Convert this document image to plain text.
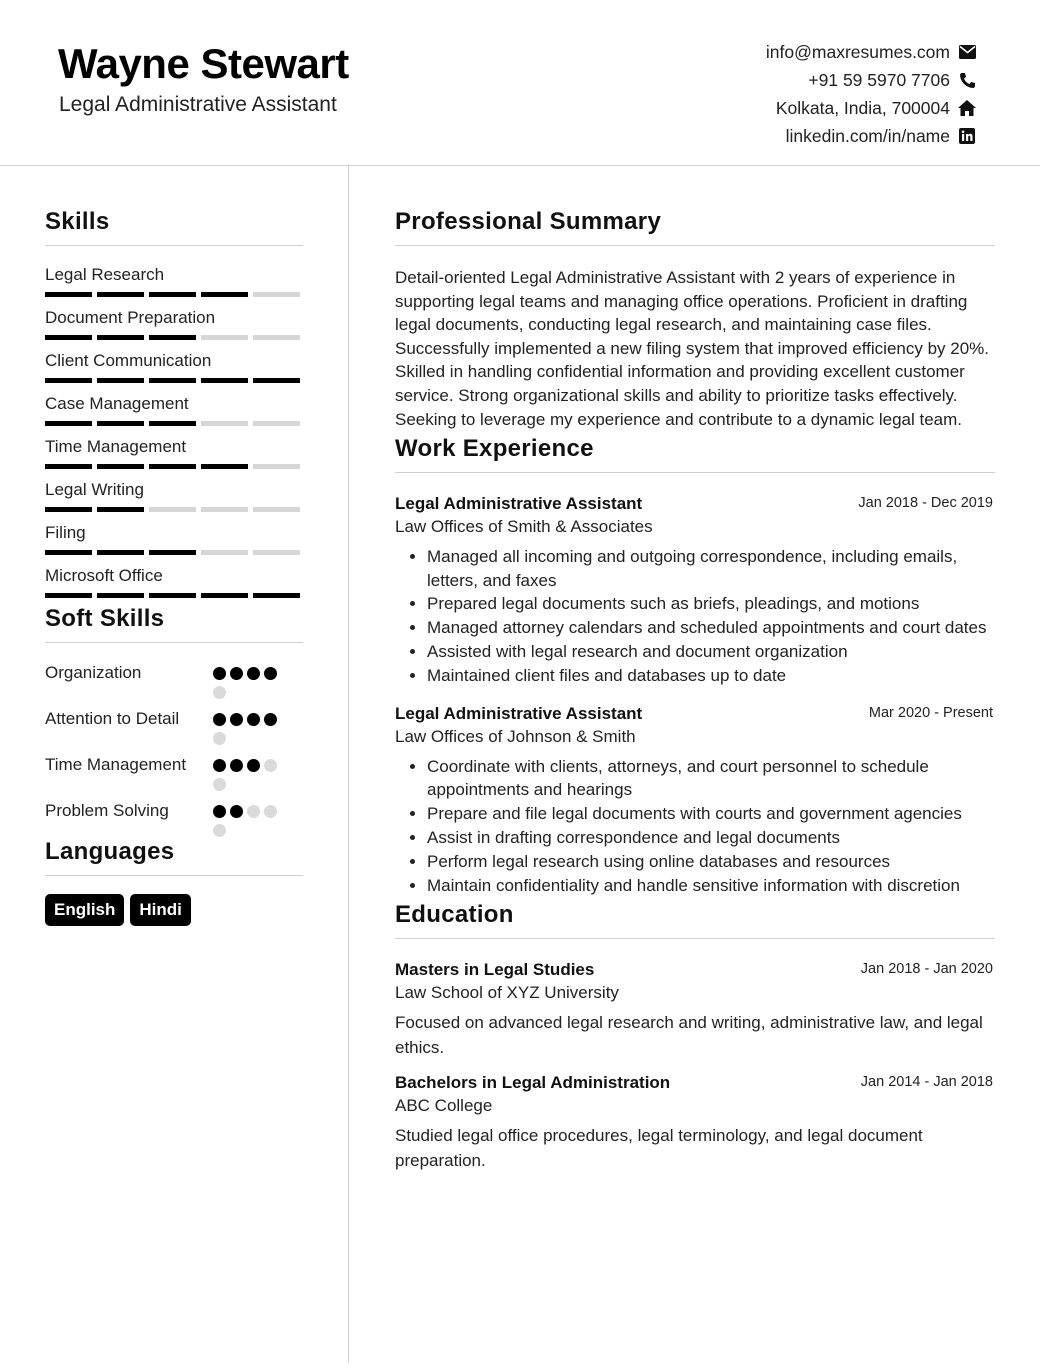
Wayne Stewart
Legal Administrative Assistant
info@maxresumes.com
+91 59 5970 7706
Kolkata, India, 700004
linkedin.com/in/name
Skills
Legal Research
Document Preparation
Client Communication
Case Management
Time Management
Legal Writing
Filing
Microsoft Office
Soft Skills
Organization
Attention to Detail
Time Management
Problem Solving
Languages
English	Hindi
Professional Summary
Detail-oriented Legal Administrative Assistant with 2 years of experience in supporting legal teams and managing office operations. Proficient in drafting legal documents, conducting legal research, and maintaining case files. Successfully implemented a new filing system that improved efficiency by 20%. Skilled in handling confidential information and providing excellent customer service. Strong organizational skills and ability to prioritize tasks effectively. Seeking to leverage my experience and contribute to a dynamic legal team.
Work Experience
Legal Administrative Assistant
Law Offices of Smith & Associates
Jan 2018 - Dec 2019
• Managed all incoming and outgoing correspondence, including emails, letters, and faxes
• Prepared legal documents such as briefs, pleadings, and motions
• Managed attorney calendars and scheduled appointments and court dates
• Assisted with legal research and document organization
• Maintained client files and databases up to date
Legal Administrative Assistant
Law Offices of Johnson & Smith
Mar 2020 - Present
• Coordinate with clients, attorneys, and court personnel to schedule appointments and hearings
• Prepare and file legal documents with courts and government agencies
• Assist in drafting correspondence and legal documents
• Perform legal research using online databases and resources
• Maintain confidentiality and handle sensitive information with discretion
Education
Masters in Legal Studies
Law School of XYZ University
Jan 2018 - Jan 2020
Focused on advanced legal research and writing, administrative law, and legal ethics.
Bachelors in Legal Administration
ABC College
Jan 2014 - Jan 2018
Studied legal office procedures, legal terminology, and legal document preparation.
